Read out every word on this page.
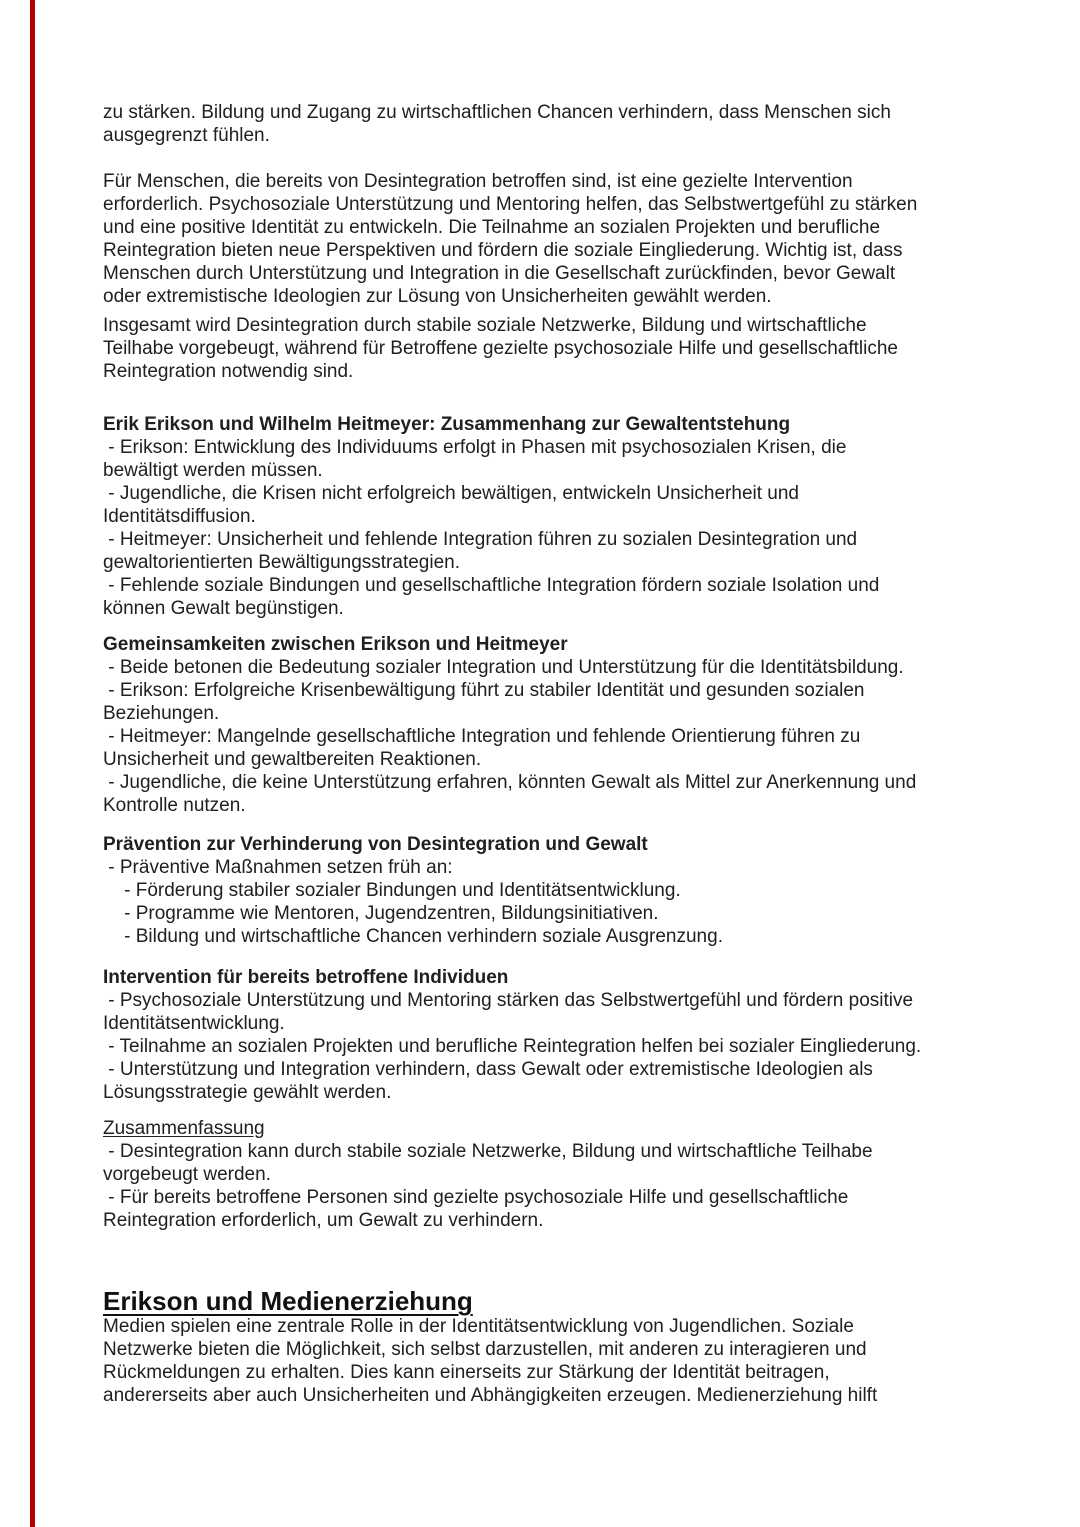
zu stärken. Bildung und Zugang zu wirtschaftlichen Chancen verhindern, dass Menschen sich
ausgegrenzt fühlen.
Für Menschen, die bereits von Desintegration betroffen sind, ist eine gezielte Intervention
erforderlich. Psychosoziale Unterstützung und Mentoring helfen, das Selbstwertgefühl zu stärken
und eine positive Identität zu entwickeln. Die Teilnahme an sozialen Projekten und berufliche
Reintegration bieten neue Perspektiven und fördern die soziale Eingliederung. Wichtig ist, dass
Menschen durch Unterstützung und Integration in die Gesellschaft zurückfinden, bevor Gewalt
oder extremistische Ideologien zur Lösung von Unsicherheiten gewählt werden.
Insgesamt wird Desintegration durch stabile soziale Netzwerke, Bildung und wirtschaftliche
Teilhabe vorgebeugt, während für Betroffene gezielte psychosoziale Hilfe und gesellschaftliche
Reintegration notwendig sind.
Erik Erikson und Wilhelm Heitmeyer: Zusammenhang zur Gewaltentstehung
- Erikson: Entwicklung des Individuums erfolgt in Phasen mit psychosozialen Krisen, die
bewältigt werden müssen.
- Jugendliche, die Krisen nicht erfolgreich bewältigen, entwickeln Unsicherheit und
Identitätsdiffusion.
- Heitmeyer: Unsicherheit und fehlende Integration führen zu sozialen Desintegration und
gewaltorientierten Bewältigungsstrategien.
- Fehlende soziale Bindungen und gesellschaftliche Integration fördern soziale Isolation und
können Gewalt begünstigen.
Gemeinsamkeiten zwischen Erikson und Heitmeyer
- Beide betonen die Bedeutung sozialer Integration und Unterstützung für die Identitätsbildung.
- Erikson: Erfolgreiche Krisenbewältigung führt zu stabiler Identität und gesunden sozialen
Beziehungen.
- Heitmeyer: Mangelnde gesellschaftliche Integration und fehlende Orientierung führen zu
Unsicherheit und gewaltbereiten Reaktionen.
- Jugendliche, die keine Unterstützung erfahren, könnten Gewalt als Mittel zur Anerkennung und
Kontrolle nutzen.
Prävention zur Verhinderung von Desintegration und Gewalt
- Präventive Maßnahmen setzen früh an:
- Förderung stabiler sozialer Bindungen und Identitätsentwicklung.
- Programme wie Mentoren, Jugendzentren, Bildungsinitiativen.
- Bildung und wirtschaftliche Chancen verhindern soziale Ausgrenzung.
Intervention für bereits betroffene Individuen
- Psychosoziale Unterstützung und Mentoring stärken das Selbstwertgefühl und fördern positive
Identitätsentwicklung.
- Teilnahme an sozialen Projekten und berufliche Reintegration helfen bei sozialer Eingliederung.
- Unterstützung und Integration verhindern, dass Gewalt oder extremistische Ideologien als
Lösungsstrategie gewählt werden.
Zusammenfassung
- Desintegration kann durch stabile soziale Netzwerke, Bildung und wirtschaftliche Teilhabe
vorgebeugt werden.
- Für bereits betroffene Personen sind gezielte psychosoziale Hilfe und gesellschaftliche
Reintegration erforderlich, um Gewalt zu verhindern.
Erikson und Medienerziehung
Medien spielen eine zentrale Rolle in der Identitätsentwicklung von Jugendlichen. Soziale
Netzwerke bieten die Möglichkeit, sich selbst darzustellen, mit anderen zu interagieren und
Rückmeldungen zu erhalten. Dies kann einerseits zur Stärkung der Identität beitragen,
andererseits aber auch Unsicherheiten und Abhängigkeiten erzeugen. Medienerziehung hilft
